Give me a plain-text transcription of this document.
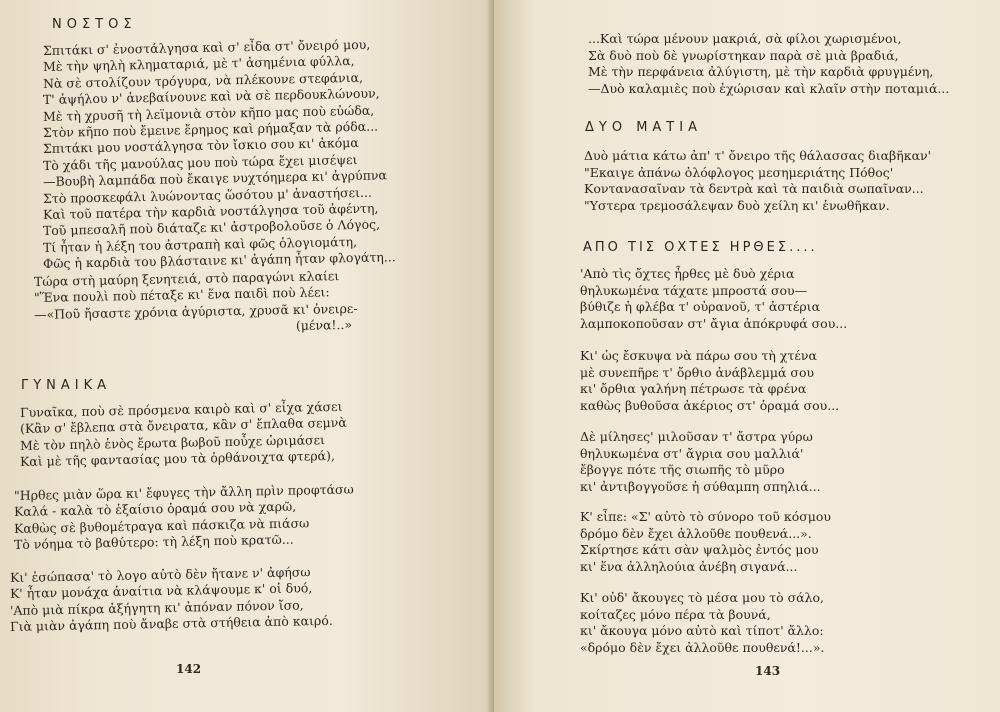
ΝΟΣΤΟΣ
Σπιτάκι σ' ἐνοστάλγησα καὶ σ' εἶδα στ' ὄνειρό μου,
Μὲ τὴν ψηλὴ κληματαριά, μὲ τ' ἀσημένια φύλλα,
Νὰ σὲ στολίζουν τρόγυρα, νὰ πλέκουνε στεφάνια,
Τ' ἀψήλου ν' ἀνεβαίνουνε καὶ νὰ σὲ περδουκλώνουν,
Μὲ τὴ χρυσῆ τὴ λεϊμονιὰ στὸν κῆπο μας ποὺ εὐώδα,
Στὸν κῆπο ποὺ ἔμεινε ἔρημος καὶ ρήμαξαν τὰ ρόδα...
Σπιτάκι μου νοστάλγησα τὸν ἴσκιο σου κι' ἀκόμα
Τὸ χάδι τῆς μανούλας μου ποὺ τώρα ἔχει μισέψει
—Βουβὴ λαμπάδα ποὺ ἔκαιγε νυχτόημερα κι' ἀγρύπνα
Στὸ προσκεφάλι λυώνοντας ὥσότου μ' ἀναστήσει...
Καὶ τοῦ πατέρα τὴν καρδιὰ νοστάλγησα τοῦ ἀφέντη,
Τοῦ μπεσαλῆ ποὺ διάταζε κι' ἀστροβολοῦσε ὁ Λόγος,
Τί ἦταν ἡ λέξη του ἀστραπὴ καὶ φῶς ὀλογιομάτη,
Φῶς ἡ καρδιὰ του βλάσταινε κι' ἀγάπη ἦταν φλογάτη...
Τώρα στὴ μαύρη ξενητειά, στὸ παραγώνι κλαίει
"Ἕνα πουλὶ ποὺ πέταξε κι' ἕνα παιδὶ ποὺ λέει:
—«Ποῦ ἤσαστε χρόνια ἀγύριστα, χρυσᾶ κι' ὀνειρε-
(μένα!..»
ΓΥΝΑΙΚΑ
Γυναῖκα, ποὺ σὲ πρόσμενα καιρὸ καὶ σ' εἶχα χάσει
(Κἂν σ' ἔβλεπα στὰ ὄνειρατα, κἂν σ' ἔπλαθα σεμνὰ
Μὲ τὸν πηλὸ ἑνὸς ἔρωτα βωβοῦ ποὖχε ὡριμάσει
Καὶ μὲ τῆς φαντασίας μου τὰ ὀρθάνοιχτα φτερά),
"Ηρθες μιὰν ὥρα κι' ἔφυγες τὴν ἄλλη πρὶν προφτάσω
Καλά - καλὰ τὸ ἐξαίσιο ὁραμά σου νὰ χαρῶ,
Καθὼς σὲ βυθομέτραγα καὶ πάσκιζα νὰ πιάσω
Τὸ νόημα τὸ βαθύτερο: τὴ λέξη ποὺ κρατῶ...
Κι' ἐσώπασα' τὸ λογο αὐτὸ δὲν ἤτανε ν' ἀφήσω
Κ' ἦταν μονάχα ἀναίτια νὰ κλάψουμε κ' οἱ δυό,
'Απὸ μιὰ πίκρα ἀξήγητη κι' ἀπόναν πόνον ἴσο,
Γιὰ μιὰν ἀγάπη ποὺ ἄναβε στὰ στήθεια ἀπὸ καιρό.
142
...Καὶ τώρα μένουν μακριά, σὰ φίλοι χωρισμένοι,
Σὰ δυὸ ποὺ δὲ γνωρίστηκαν παρὰ σὲ μιὰ βραδιά,
Μὲ τὴν περφάνεια ἀλύγιστη, μὲ τὴν καρδιὰ φρυγμένη,
—Δυὸ καλαμιὲς ποὺ ἐχώρισαν καὶ κλαῖν στὴν ποταμιά...
ΔΥΟ ΜΑΤΙΑ
Δυὸ μάτια κάτω ἀπ' τ' ὄνειρο τῆς θάλασσας διαβῆκαν'
"Εκαιγε ἀπάνω ὀλόφλογος μεσημεριάτης Πόθος'
Κοντανασαῖναν τὰ δεντρὰ καὶ τὰ παιδιὰ σωπαῖναν...
"Υστερα τρεμοσάλεψαν δυὸ χείλη κι' ἑνωθῆκαν.
ΑΠΟ ΤΙΣ ΟΧΤΕΣ ΗΡΘΕΣ....
'Απὸ τὶς ὄχτες ἦρθες μὲ δυὸ χέρια
θηλυκωμένα τάχατε μπροστά σου—
βύθιζε ἡ φλέβα τ' οὐρανοῦ, τ' ἀστέρια
λαμποκοποῦσαν στ' ἄγια ἀπόκρυφά σου...
Κι' ὡς ἔσκυψα νὰ πάρω σου τὴ χτένα
μὲ συνεπῆρε τ' ὄρθιο ἀνάβλεμμά σου
κι' ὄρθια γαλήνη πέτρωσε τὰ φρένα
καθὼς βυθοῦσα ἀκέριος στ' ὁραμά σου...
Δὲ μίλησες' μιλοῦσαν τ' ἄστρα γύρω
θηλυκωμένα στ' ἄγρια σου μαλλιά'
ἔβογγε πότε τῆς σιωπῆς τὸ μῦρο
κι' ἀντιβογγοῦσε ἡ σύθαμπη σπηλιά...
Κ' εἶπε: «Σ' αὐτὸ τὸ σύνορο τοῦ κόσμου
δρόμο δὲν ἔχει ἀλλοῦθε πουθενά...».
Σκίρτησε κάτι σὰν ψαλμὸς ἐντός μου
κι' ἕνα ἀλληλούια ἀνέβη σιγανά...
Κι' οὐδ' ἄκουγες τὸ μέσα μου τὸ σάλο,
κοίταζες μόνο πέρα τὰ βουνά,
κι' ἄκουγα μόνο αὐτὸ καὶ τίποτ' ἄλλο:
«δρόμο δὲν ἔχει ἀλλοῦθε πουθενά!...».
143
